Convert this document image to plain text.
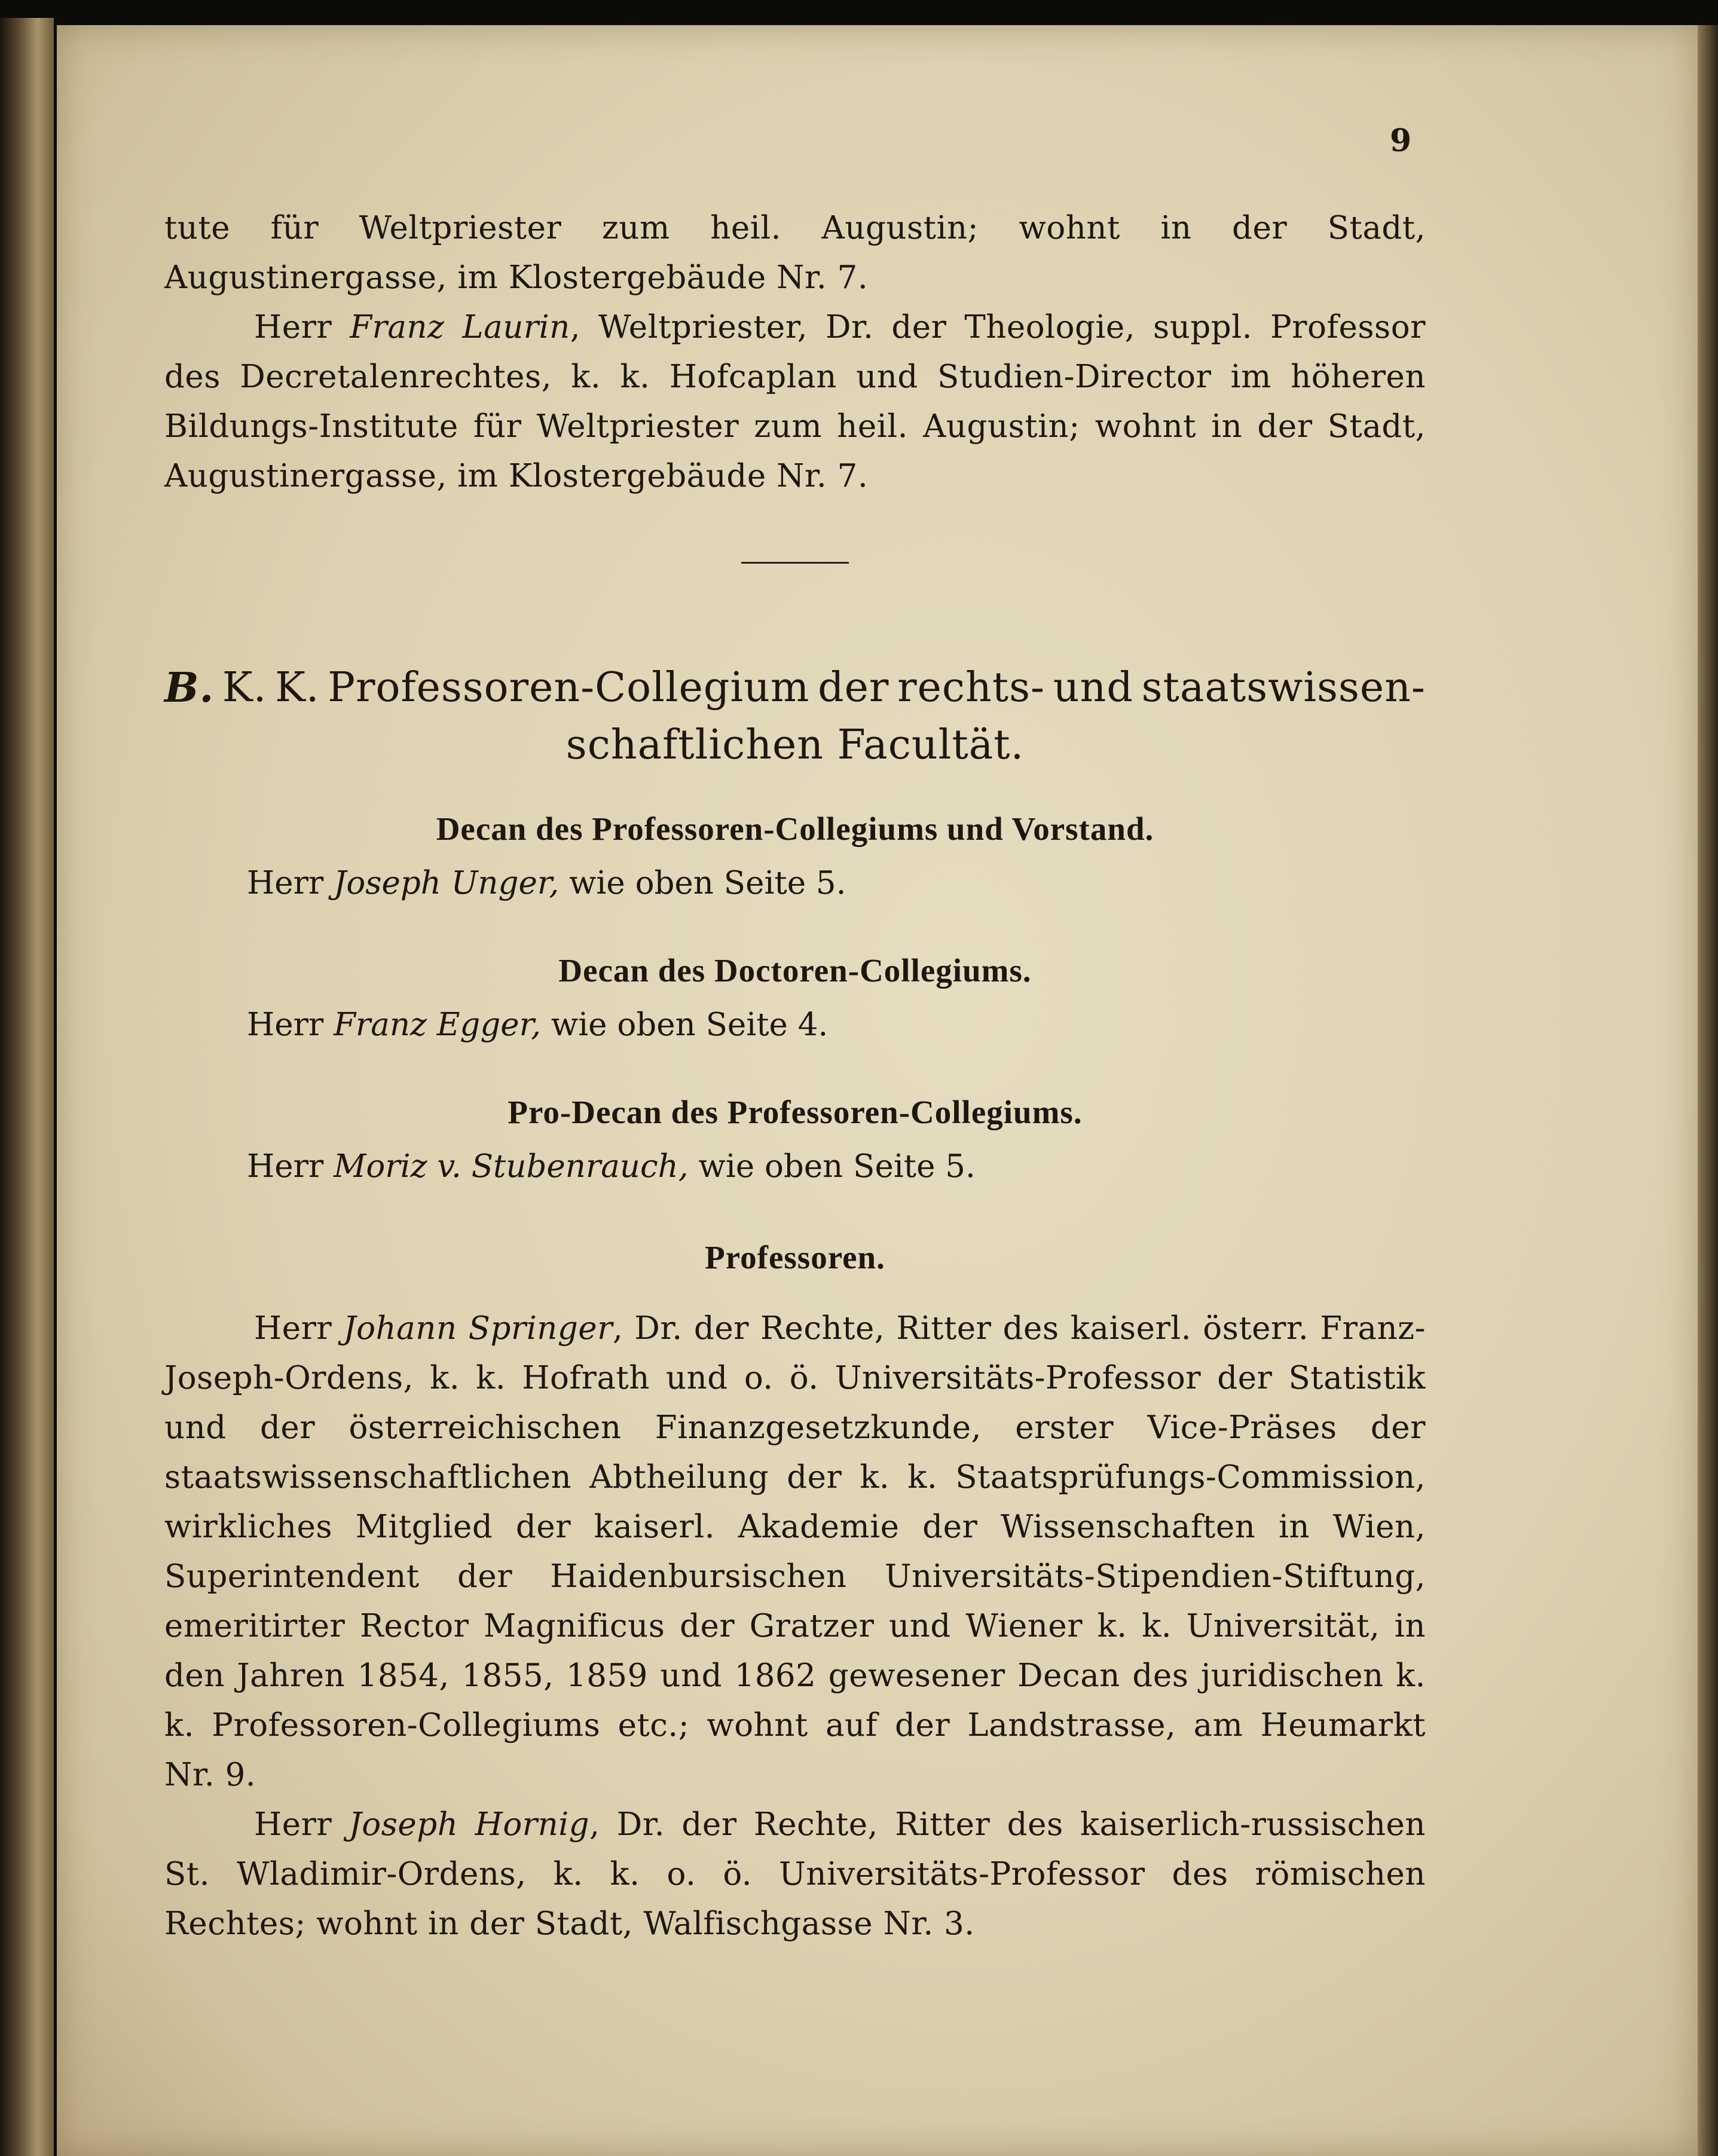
9

tute für Weltpriester zum heil. Augustin; wohnt in der Stadt, Augustinergasse, im Klostergebäude Nr. 7.

Herr Franz Laurin, Weltpriester, Dr. der Theologie, suppl. Professor des Decretalenrechtes, k. k. Hofcaplan und Studien-Director im höheren Bildungs-Institute für Weltpriester zum heil. Augustin; wohnt in der Stadt, Augustinergasse, im Klostergebäude Nr. 7.

B. K. K. Professoren-Collegium der rechts- und staatswissen-
schaftlichen Facultät.
Decan des Professoren-Collegiums und Vorstand.

Herr Joseph Unger, wie oben Seite 5.

Decan des Doctoren-Collegiums.

Herr Franz Egger, wie oben Seite 4.

Pro-Decan des Professoren-Collegiums.

Herr Moriz v. Stubenrauch, wie oben Seite 5.

Professoren.

Herr Johann Springer, Dr. der Rechte, Ritter des kaiserl. österr. Franz-Joseph-Ordens, k. k. Hofrath und o. ö. Universitäts-Professor der Statistik und der österreichischen Finanzgesetzkunde, erster Vice-Präses der staatswissenschaftlichen Abtheilung der k. k. Staatsprüfungs-Commission, wirkliches Mitglied der kaiserl. Akademie der Wissenschaften in Wien, Superintendent der Haidenbursischen Universitäts-Stipendien-Stiftung, emeritirter Rector Magnificus der Gratzer und Wiener k. k. Universität, in den Jahren 1854, 1855, 1859 und 1862 gewesener Decan des juridischen k. k. Professoren-Collegiums etc.; wohnt auf der Landstrasse, am Heumarkt Nr. 9.

Herr Joseph Hornig, Dr. der Rechte, Ritter des kaiserlich-russischen St. Wladimir-Ordens, k. k. o. ö. Universitäts-Professor des römischen Rechtes; wohnt in der Stadt, Walfischgasse Nr. 3.
